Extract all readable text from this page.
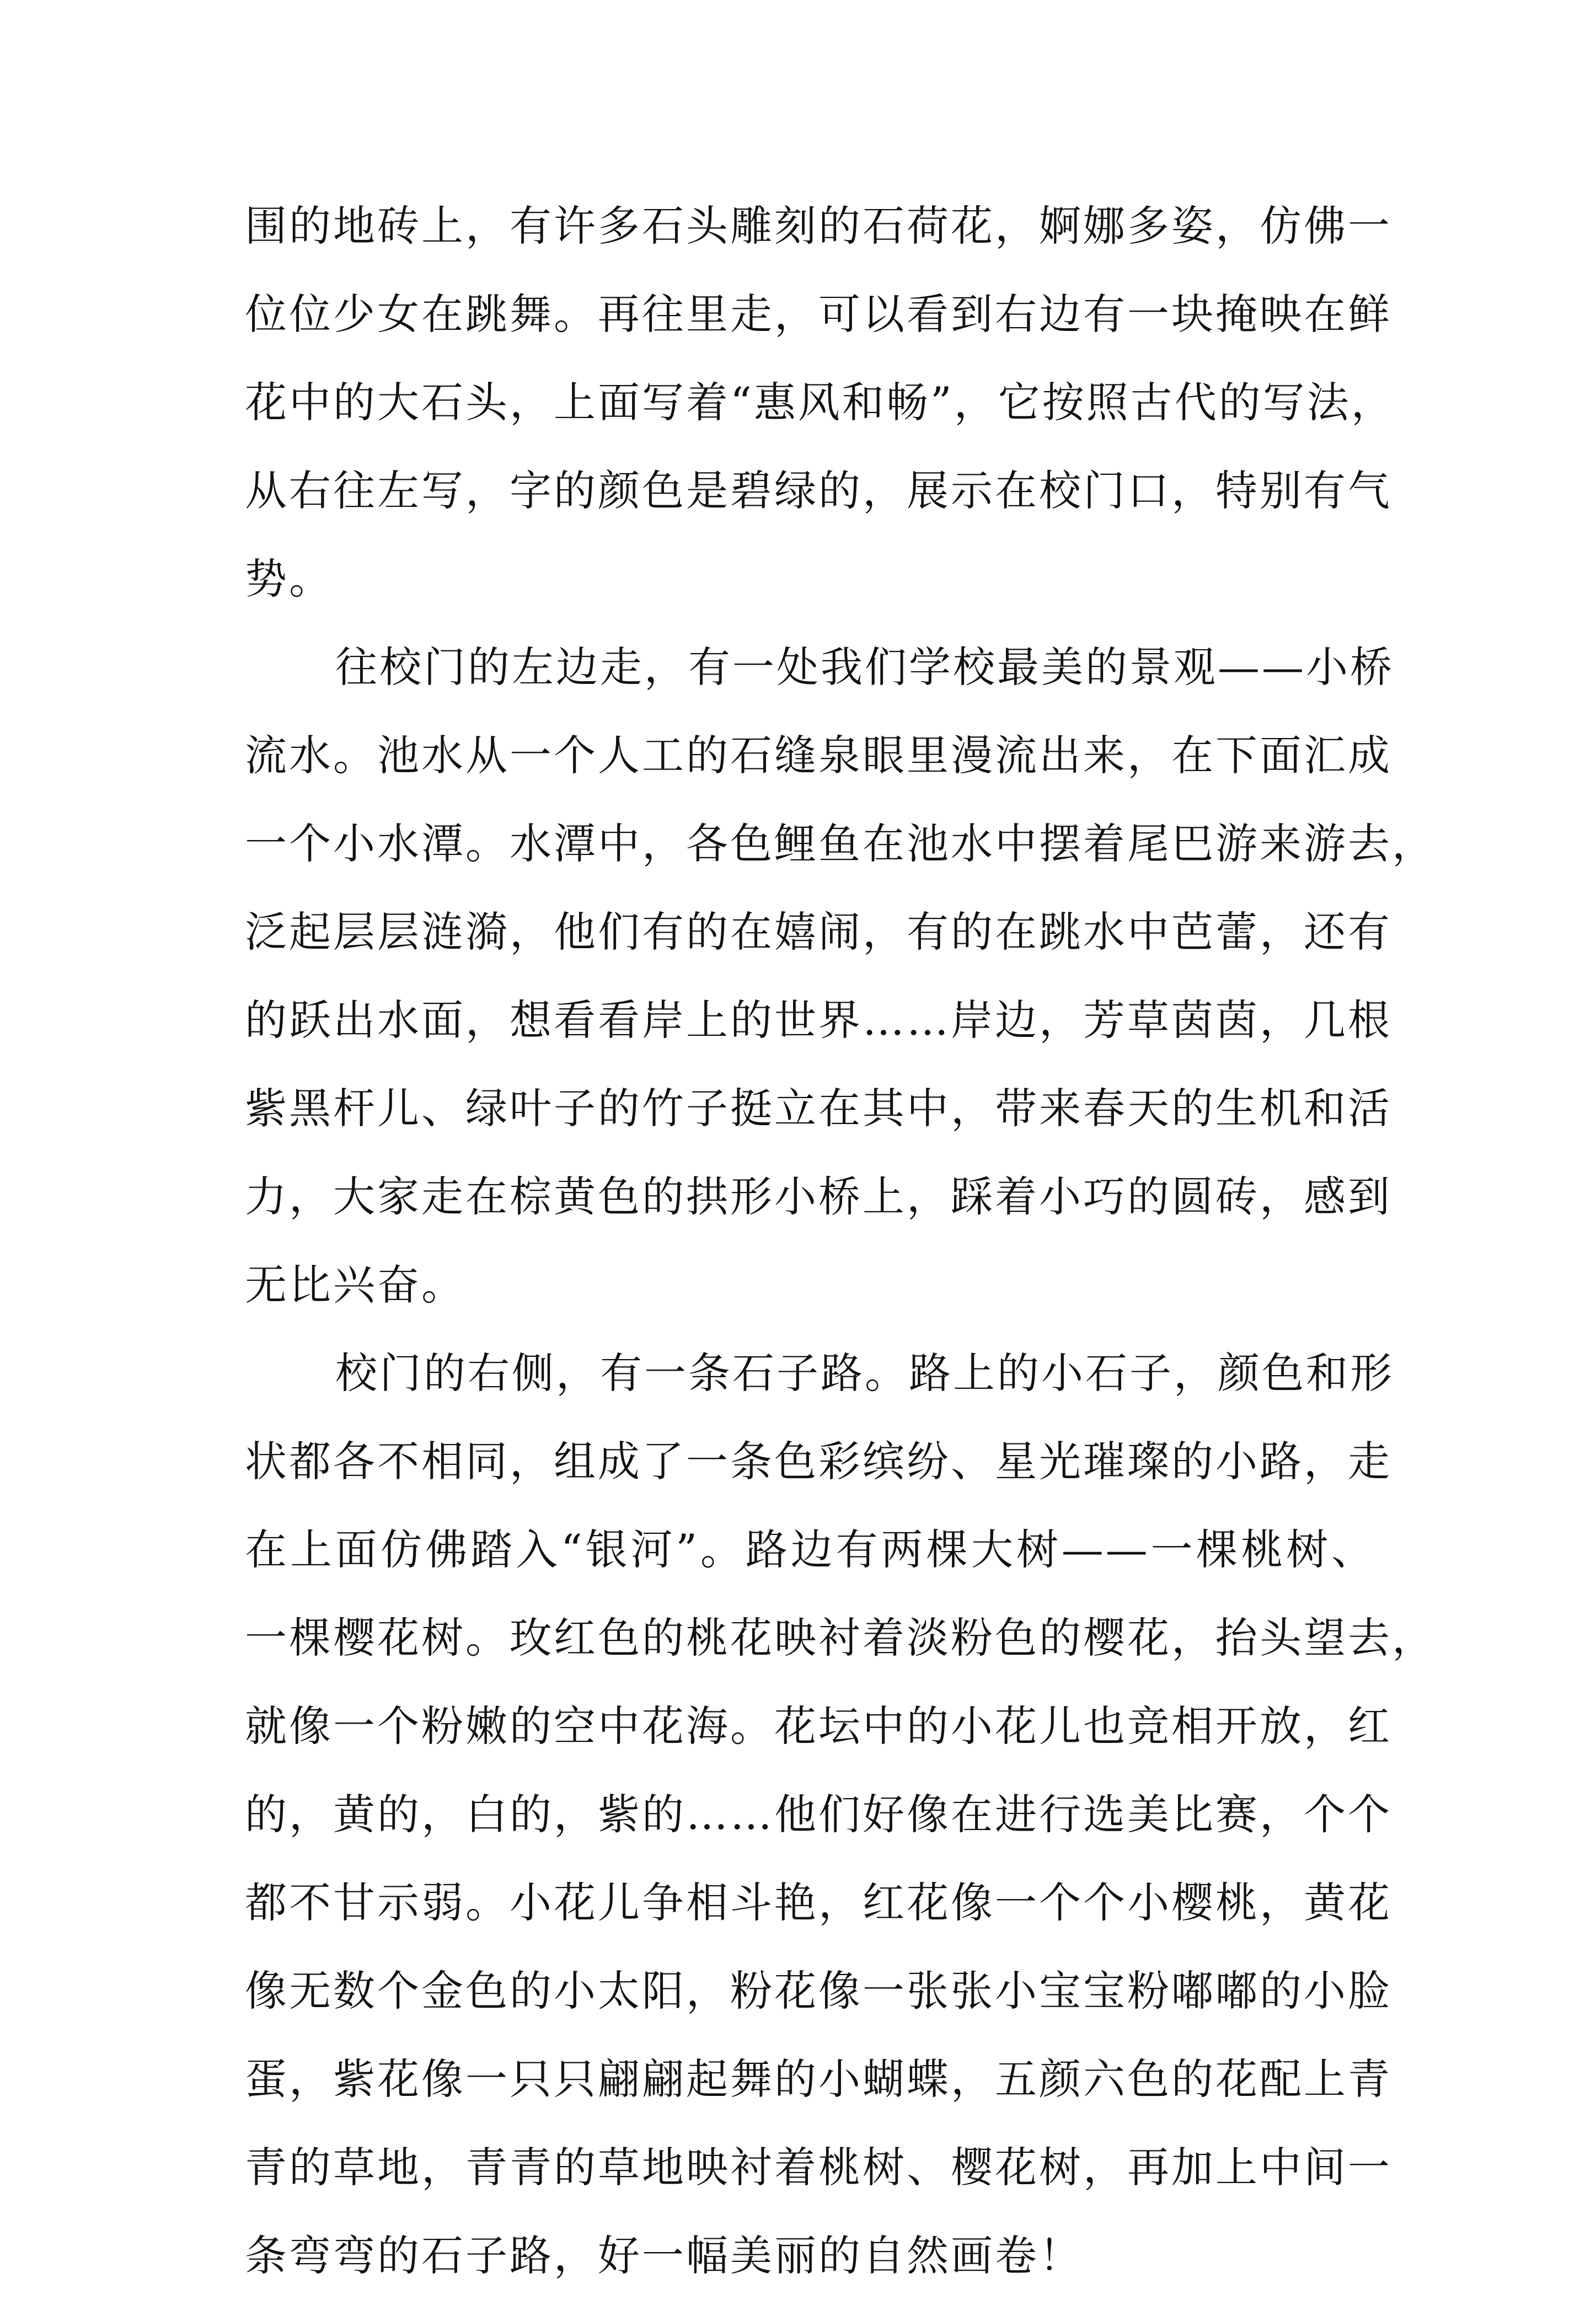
围的地砖上，有许多石头雕刻的石荷花，婀娜多姿，仿佛一
位位少女在跳舞。再往里走，可以看到右边有一块掩映在鲜
花中的大石头，上面写着“惠风和畅”，它按照古代的写法，
从右往左写，字的颜色是碧绿的，展示在校门口，特别有气
势。
往校门的左边走，有一处我们学校最美的景观——小桥
流水。池水从一个人工的石缝泉眼里漫流出来，在下面汇成
一个小水潭。水潭中，各色鲤鱼在池水中摆着尾巴游来游去，
泛起层层涟漪，他们有的在嬉闹，有的在跳水中芭蕾，还有
的跃出水面，想看看岸上的世界……岸边，芳草茵茵，几根
紫黑杆儿、绿叶子的竹子挺立在其中，带来春天的生机和活
力，大家走在棕黄色的拱形小桥上，踩着小巧的圆砖，感到
无比兴奋。
校门的右侧，有一条石子路。路上的小石子，颜色和形
状都各不相同，组成了一条色彩缤纷、星光璀璨的小路，走
在上面仿佛踏入“银河”。路边有两棵大树——一棵桃树、
一棵樱花树。玫红色的桃花映衬着淡粉色的樱花，抬头望去，
就像一个粉嫩的空中花海。花坛中的小花儿也竞相开放，红
的，黄的，白的，紫的……他们好像在进行选美比赛，个个
都不甘示弱。小花儿争相斗艳，红花像一个个小樱桃，黄花
像无数个金色的小太阳，粉花像一张张小宝宝粉嘟嘟的小脸
蛋，紫花像一只只翩翩起舞的小蝴蝶，五颜六色的花配上青
青的草地，青青的草地映衬着桃树、樱花树，再加上中间一
条弯弯的石子路，好一幅美丽的自然画卷！
